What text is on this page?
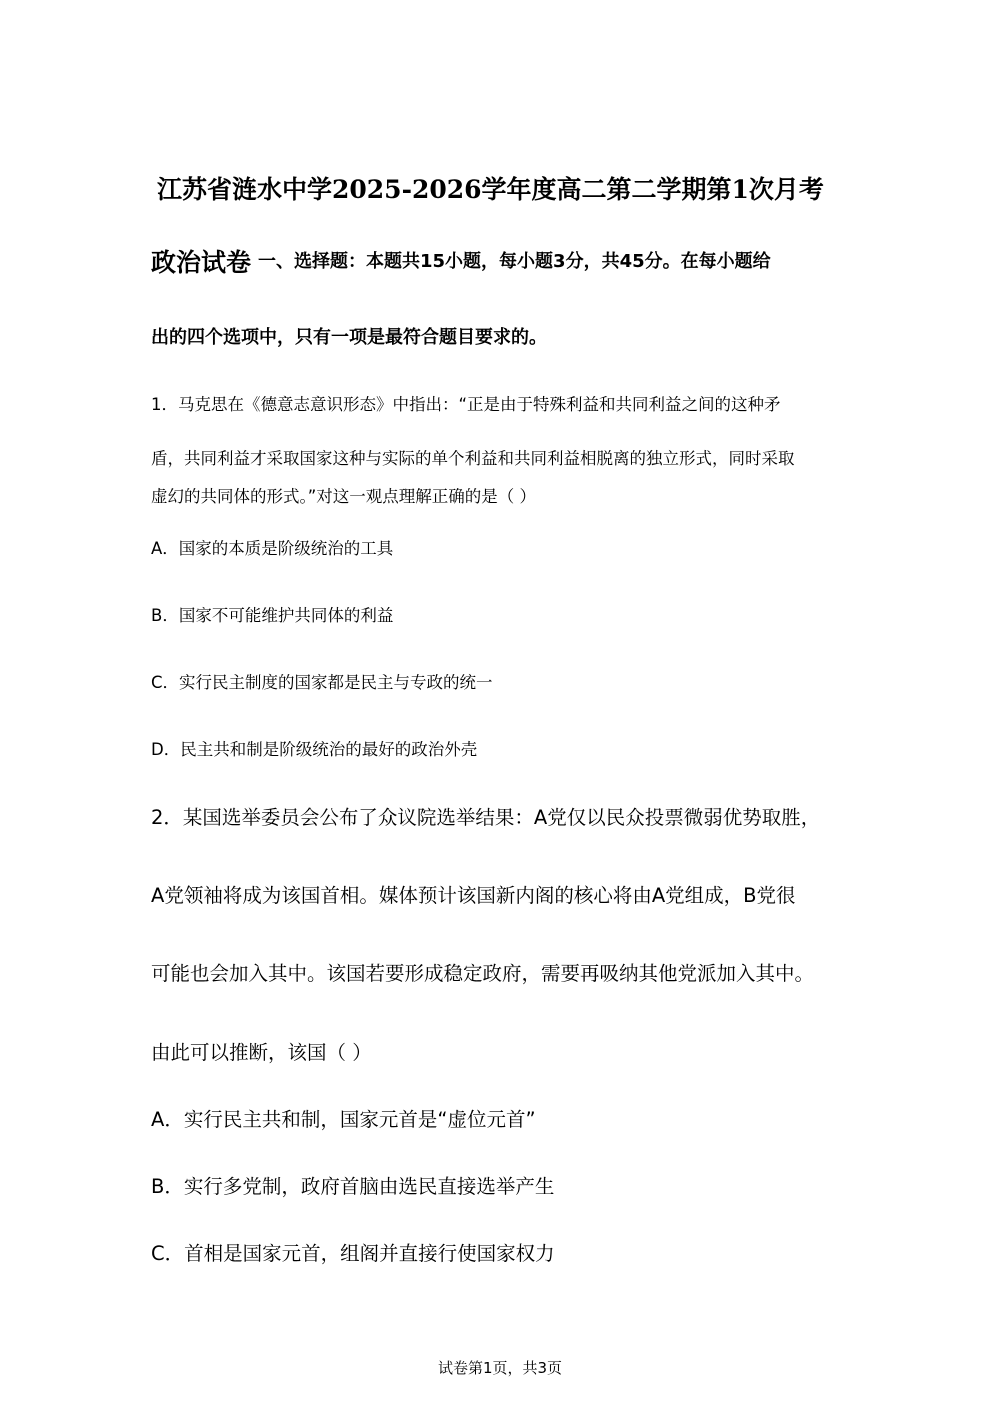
江苏省涟水中学2025-2026学年度高二第二学期第1次月考
政治试卷 一、选择题：本题共15小题，每小题3分，共45分。在每小题给
出的四个选项中，只有一项是最符合题目要求的。
1．马克思在《德意志意识形态》中指出：“正是由于特殊利益和共同利益之间的这种矛
盾，共同利益才采取国家这种与实际的单个利益和共同利益相脱离的独立形式，同时采取
虚幻的共同体的形式。”对这一观点理解正确的是（ ）
A．国家的本质是阶级统治的工具
B．国家不可能维护共同体的利益
C．实行民主制度的国家都是民主与专政的统一
D．民主共和制是阶级统治的最好的政治外壳
2．某国选举委员会公布了众议院选举结果：A党仅以民众投票微弱优势取胜，
A党领袖将成为该国首相。媒体预计该国新内阁的核心将由A党组成，B党很
可能也会加入其中。该国若要形成稳定政府，需要再吸纳其他党派加入其中。
由此可以推断，该国（ ）
A．实行民主共和制，国家元首是“虚位元首”
B．实行多党制，政府首脑由选民直接选举产生
C．首相是国家元首，组阁并直接行使国家权力
试卷第1页，共3页
